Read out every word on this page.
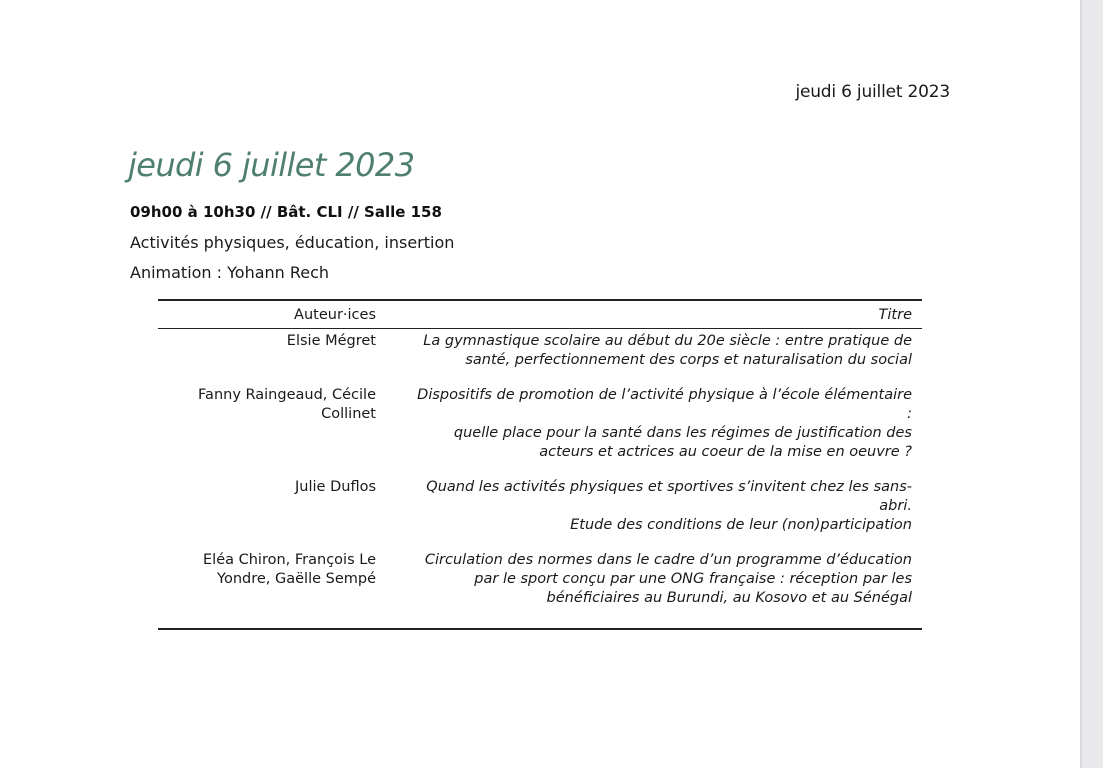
jeudi 6 juillet 2023
jeudi 6 juillet 2023
09h00 à 10h30 // Bât. CLI // Salle 158
Activités physiques, éducation, insertion
Animation : Yohann Rech
Auteur·ices	Titre
Elsie Mégret	La gymnastique scolaire au début du 20e siècle : entre pratique de
santé, perfectionnement des corps et naturalisation du social
Fanny Raingeaud, Cécile
Collinet	Dispositifs de promotion de l’activité physique à l’école élémentaire :
quelle place pour la santé dans les régimes de justification des
acteurs et actrices au coeur de la mise en oeuvre ?
Julie Duflos	Quand les activités physiques et sportives s’invitent chez les sans-abri.
Etude des conditions de leur (non)participation
Eléa Chiron, François Le
Yondre, Gaëlle Sempé	Circulation des normes dans le cadre d’un programme d’éducation
par le sport conçu par une ONG française : réception par les
bénéficiaires au Burundi, au Kosovo et au Sénégal
